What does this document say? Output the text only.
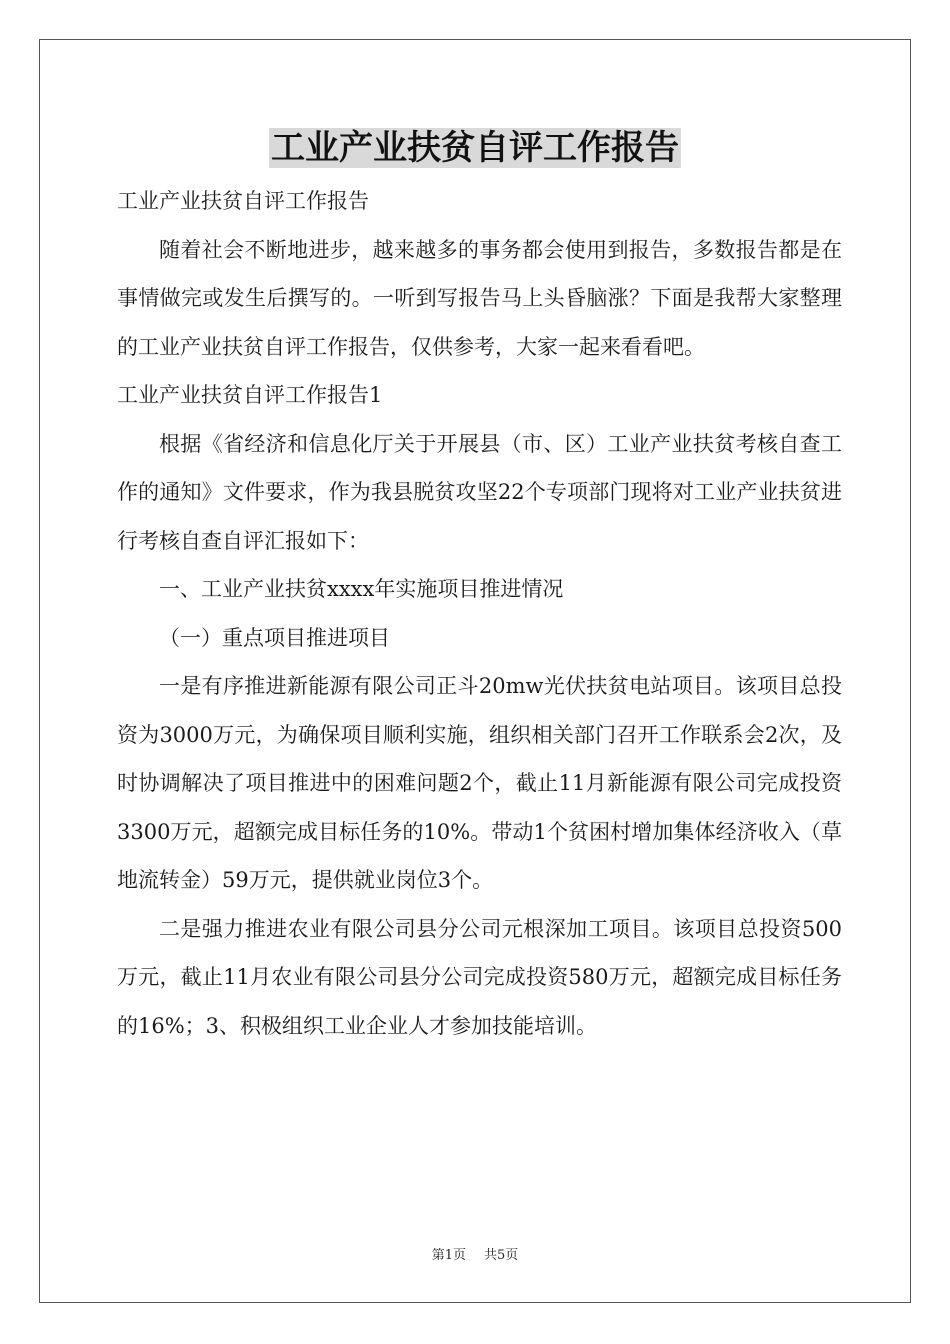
工业产业扶贫自评工作报告

工业产业扶贫自评工作报告

随着社会不断地进步，越来越多的事务都会使用到报告，多数报告都是在事情做完或发生后撰写的。一听到写报告马上头昏脑涨？下面是我帮大家整理的工业产业扶贫自评工作报告，仅供参考，大家一起来看看吧。

工业产业扶贫自评工作报告1

根据《省经济和信息化厅关于开展县（市、区）工业产业扶贫考核自查工作的通知》文件要求，作为我县脱贫攻坚22个专项部门现将对工业产业扶贫进行考核自查自评汇报如下：

一、工业产业扶贫xxxx年实施项目推进情况

（一）重点项目推进项目

一是有序推进新能源有限公司正斗20mw光伏扶贫电站项目。该项目总投资为3000万元，为确保项目顺利实施，组织相关部门召开工作联系会2次，及时协调解决了项目推进中的困难问题2个，截止11月新能源有限公司完成投资3300万元，超额完成目标任务的10%。带动1个贫困村增加集体经济收入（草地流转金）59万元，提供就业岗位3个。

二是强力推进农业有限公司县分公司元根深加工项目。该项目总投资500万元，截止11月农业有限公司县分公司完成投资580万元，超额完成目标任务的16%；3、积极组织工业企业人才参加技能培训。

第1页 共5页
